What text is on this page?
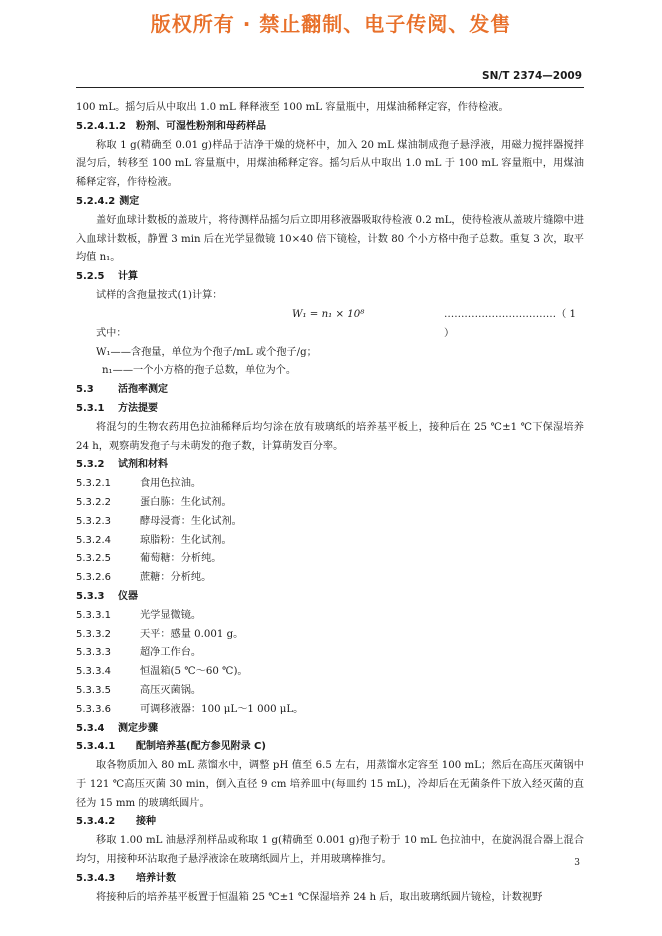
版权所有 · 禁止翻制、电子传阅、发售
SN/T 2374—2009
100 mL。摇匀后从中取出 1.0 mL 释释液至 100 mL 容量瓶中，用煤油稀释定容，作待检液。
5.2.4.1.2 粉剂、可湿性粉剂和母药样品
称取 1 g(精确至 0.01 g)样品于洁净干燥的烧杯中，加入 20 mL 煤油制成孢子悬浮液，用磁力搅拌器搅拌混匀后，转移至 100 mL 容量瓶中，用煤油稀释定容。摇匀后从中取出 1.0 mL 于 100 mL 容量瓶中，用煤油稀释定容，作待检液。
5.2.4.2 测定
盖好血球计数板的盖玻片，将待测样品摇匀后立即用移液器吸取待检液 0.2 mL，使待检液从盖玻片缝隙中进入血球计数板，静置 3 min 后在光学显微镜 10×40 倍下镜检，计数 80 个小方格中孢子总数。重复 3 次，取平均值 n₁。
5.2.5 计算
试样的含孢量按式(1)计算：
W₁ = n₁ × 10⁸	……………………………（ 1 ）
式中：
W₁——含孢量，单位为个孢子/mL 或个孢子/g；
n₁——一个小方格的孢子总数，单位为个。
5.3 活孢率测定
5.3.1 方法提要
将混匀的生物农药用色拉油稀释后均匀涂在放有玻璃纸的培养基平板上，接种后在 25 ℃±1 ℃下保湿培养 24 h，观察萌发孢子与未萌发的孢子数，计算萌发百分率。
5.3.2 试剂和材料
5.3.2.1	食用色拉油。
5.3.2.2	蛋白胨：生化试剂。
5.3.2.3	酵母浸膏：生化试剂。
5.3.2.4	琼脂粉：生化试剂。
5.3.2.5	葡萄糖：分析纯。
5.3.2.6	蔗糖：分析纯。
5.3.3 仪器
5.3.3.1	光学显微镜。
5.3.3.2	天平：感量 0.001 g。
5.3.3.3	超净工作台。
5.3.3.4	恒温箱(5 ℃～60 ℃)。
5.3.3.5	高压灭菌锅。
5.3.3.6	可调移液器：100 μL～1 000 μL。
5.3.4 测定步骤
5.3.4.1 配制培养基(配方参见附录 C)
取各物质加入 80 mL 蒸馏水中，调整 pH 值至 6.5 左右，用蒸馏水定容至 100 mL；然后在高压灭菌锅中于 121 ℃高压灭菌 30 min，倒入直径 9 cm 培养皿中(每皿约 15 mL)，冷却后在无菌条件下放入经灭菌的直径为 15 mm 的玻璃纸圆片。
5.3.4.2 接种
移取 1.00 mL 油悬浮剂样品或称取 1 g(精确至 0.001 g)孢子粉于 10 mL 色拉油中，在旋涡混合器上混合均匀，用接种环沾取孢子悬浮液涂在玻璃纸圆片上，并用玻璃棒推匀。
5.3.4.3 培养计数
将接种后的培养基平板置于恒温箱 25 ℃±1 ℃保湿培养 24 h 后，取出玻璃纸圆片镜检，计数视野
3
